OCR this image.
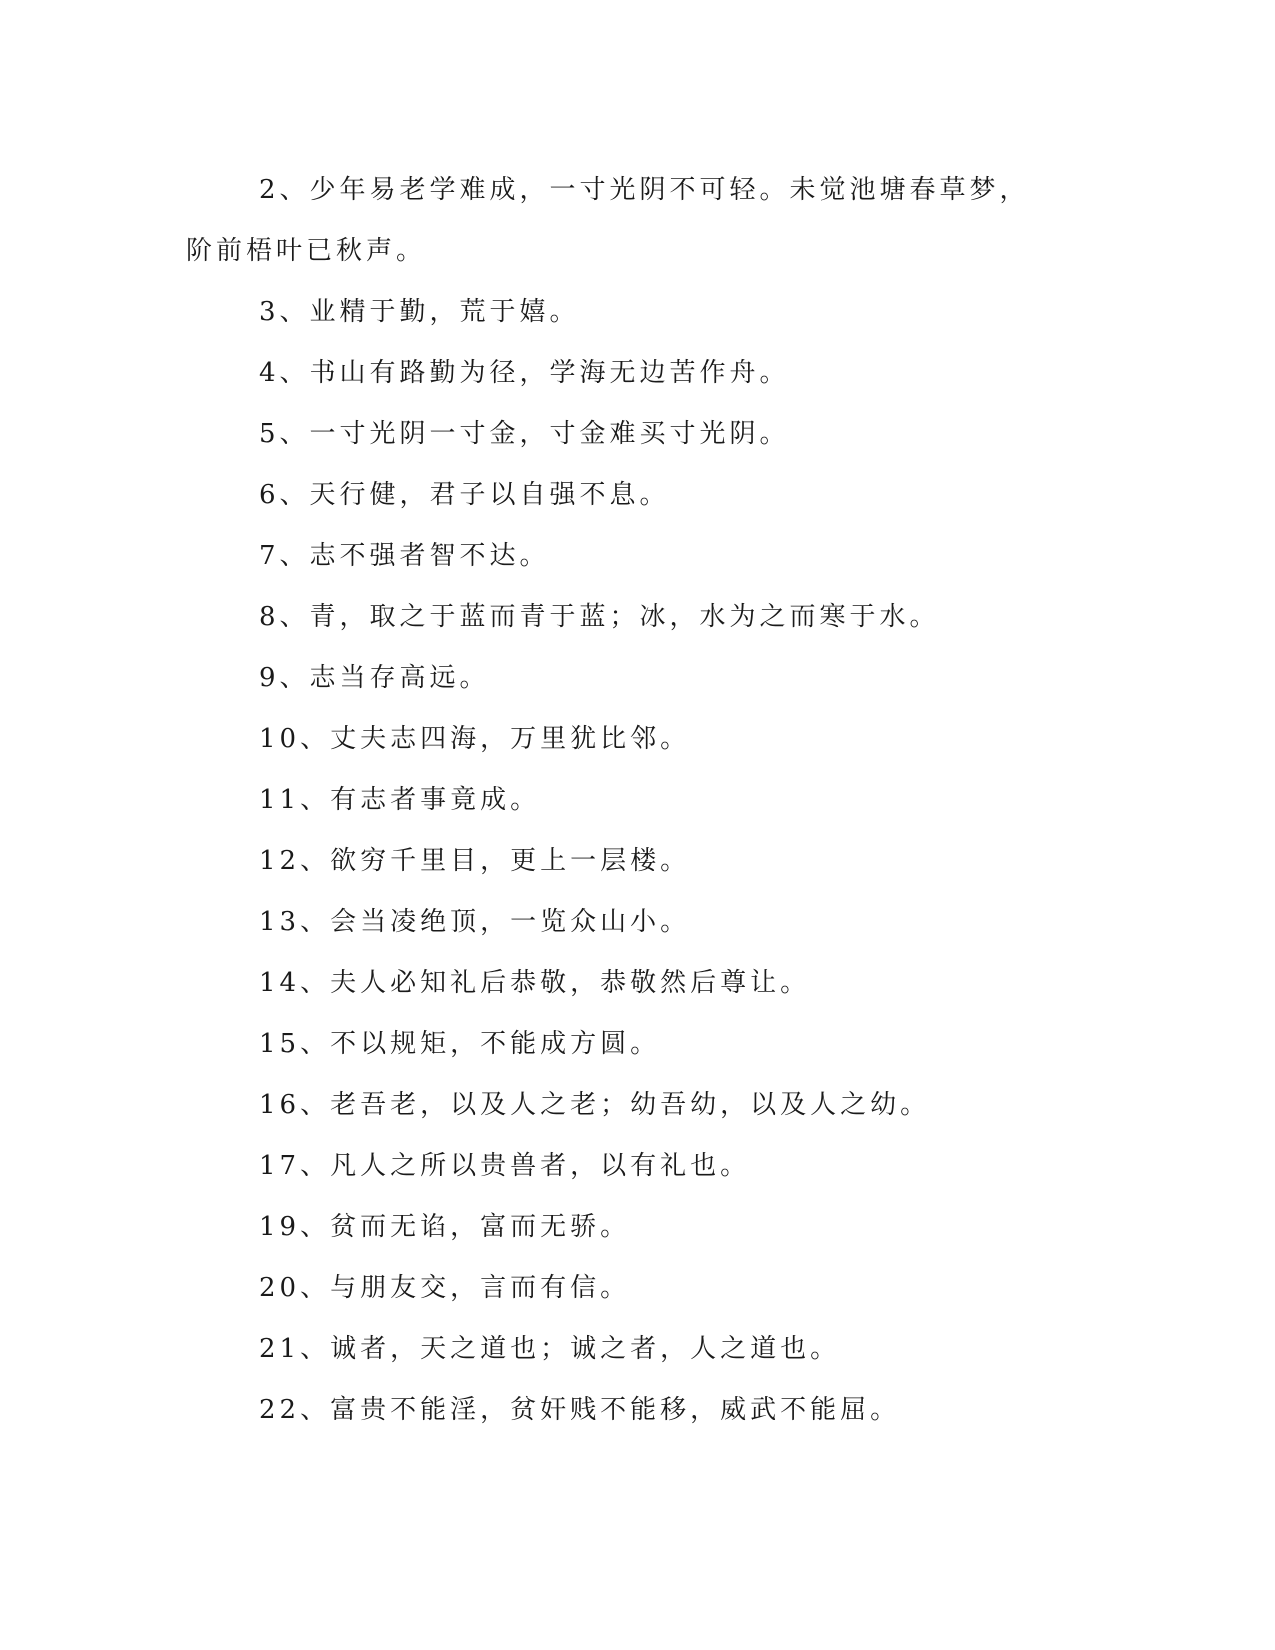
2、少年易老学难成，一寸光阴不可轻。未觉池塘春草梦，阶前梧叶已秋声。

3、业精于勤，荒于嬉。

4、书山有路勤为径，学海无边苦作舟。

5、一寸光阴一寸金，寸金难买寸光阴。

6、天行健，君子以自强不息。

7、志不强者智不达。

8、青，取之于蓝而青于蓝；冰，水为之而寒于水。

9、志当存高远。

10、丈夫志四海，万里犹比邻。

11、有志者事竟成。

12、欲穷千里目，更上一层楼。

13、会当凌绝顶，一览众山小。

14、夫人必知礼后恭敬，恭敬然后尊让。

15、不以规矩，不能成方圆。

16、老吾老，以及人之老；幼吾幼，以及人之幼。

17、凡人之所以贵兽者，以有礼也。

19、贫而无谄，富而无骄。

20、与朋友交，言而有信。

21、诚者，天之道也；诚之者，人之道也。

22、富贵不能淫，贫奸贱不能移，威武不能屈。
